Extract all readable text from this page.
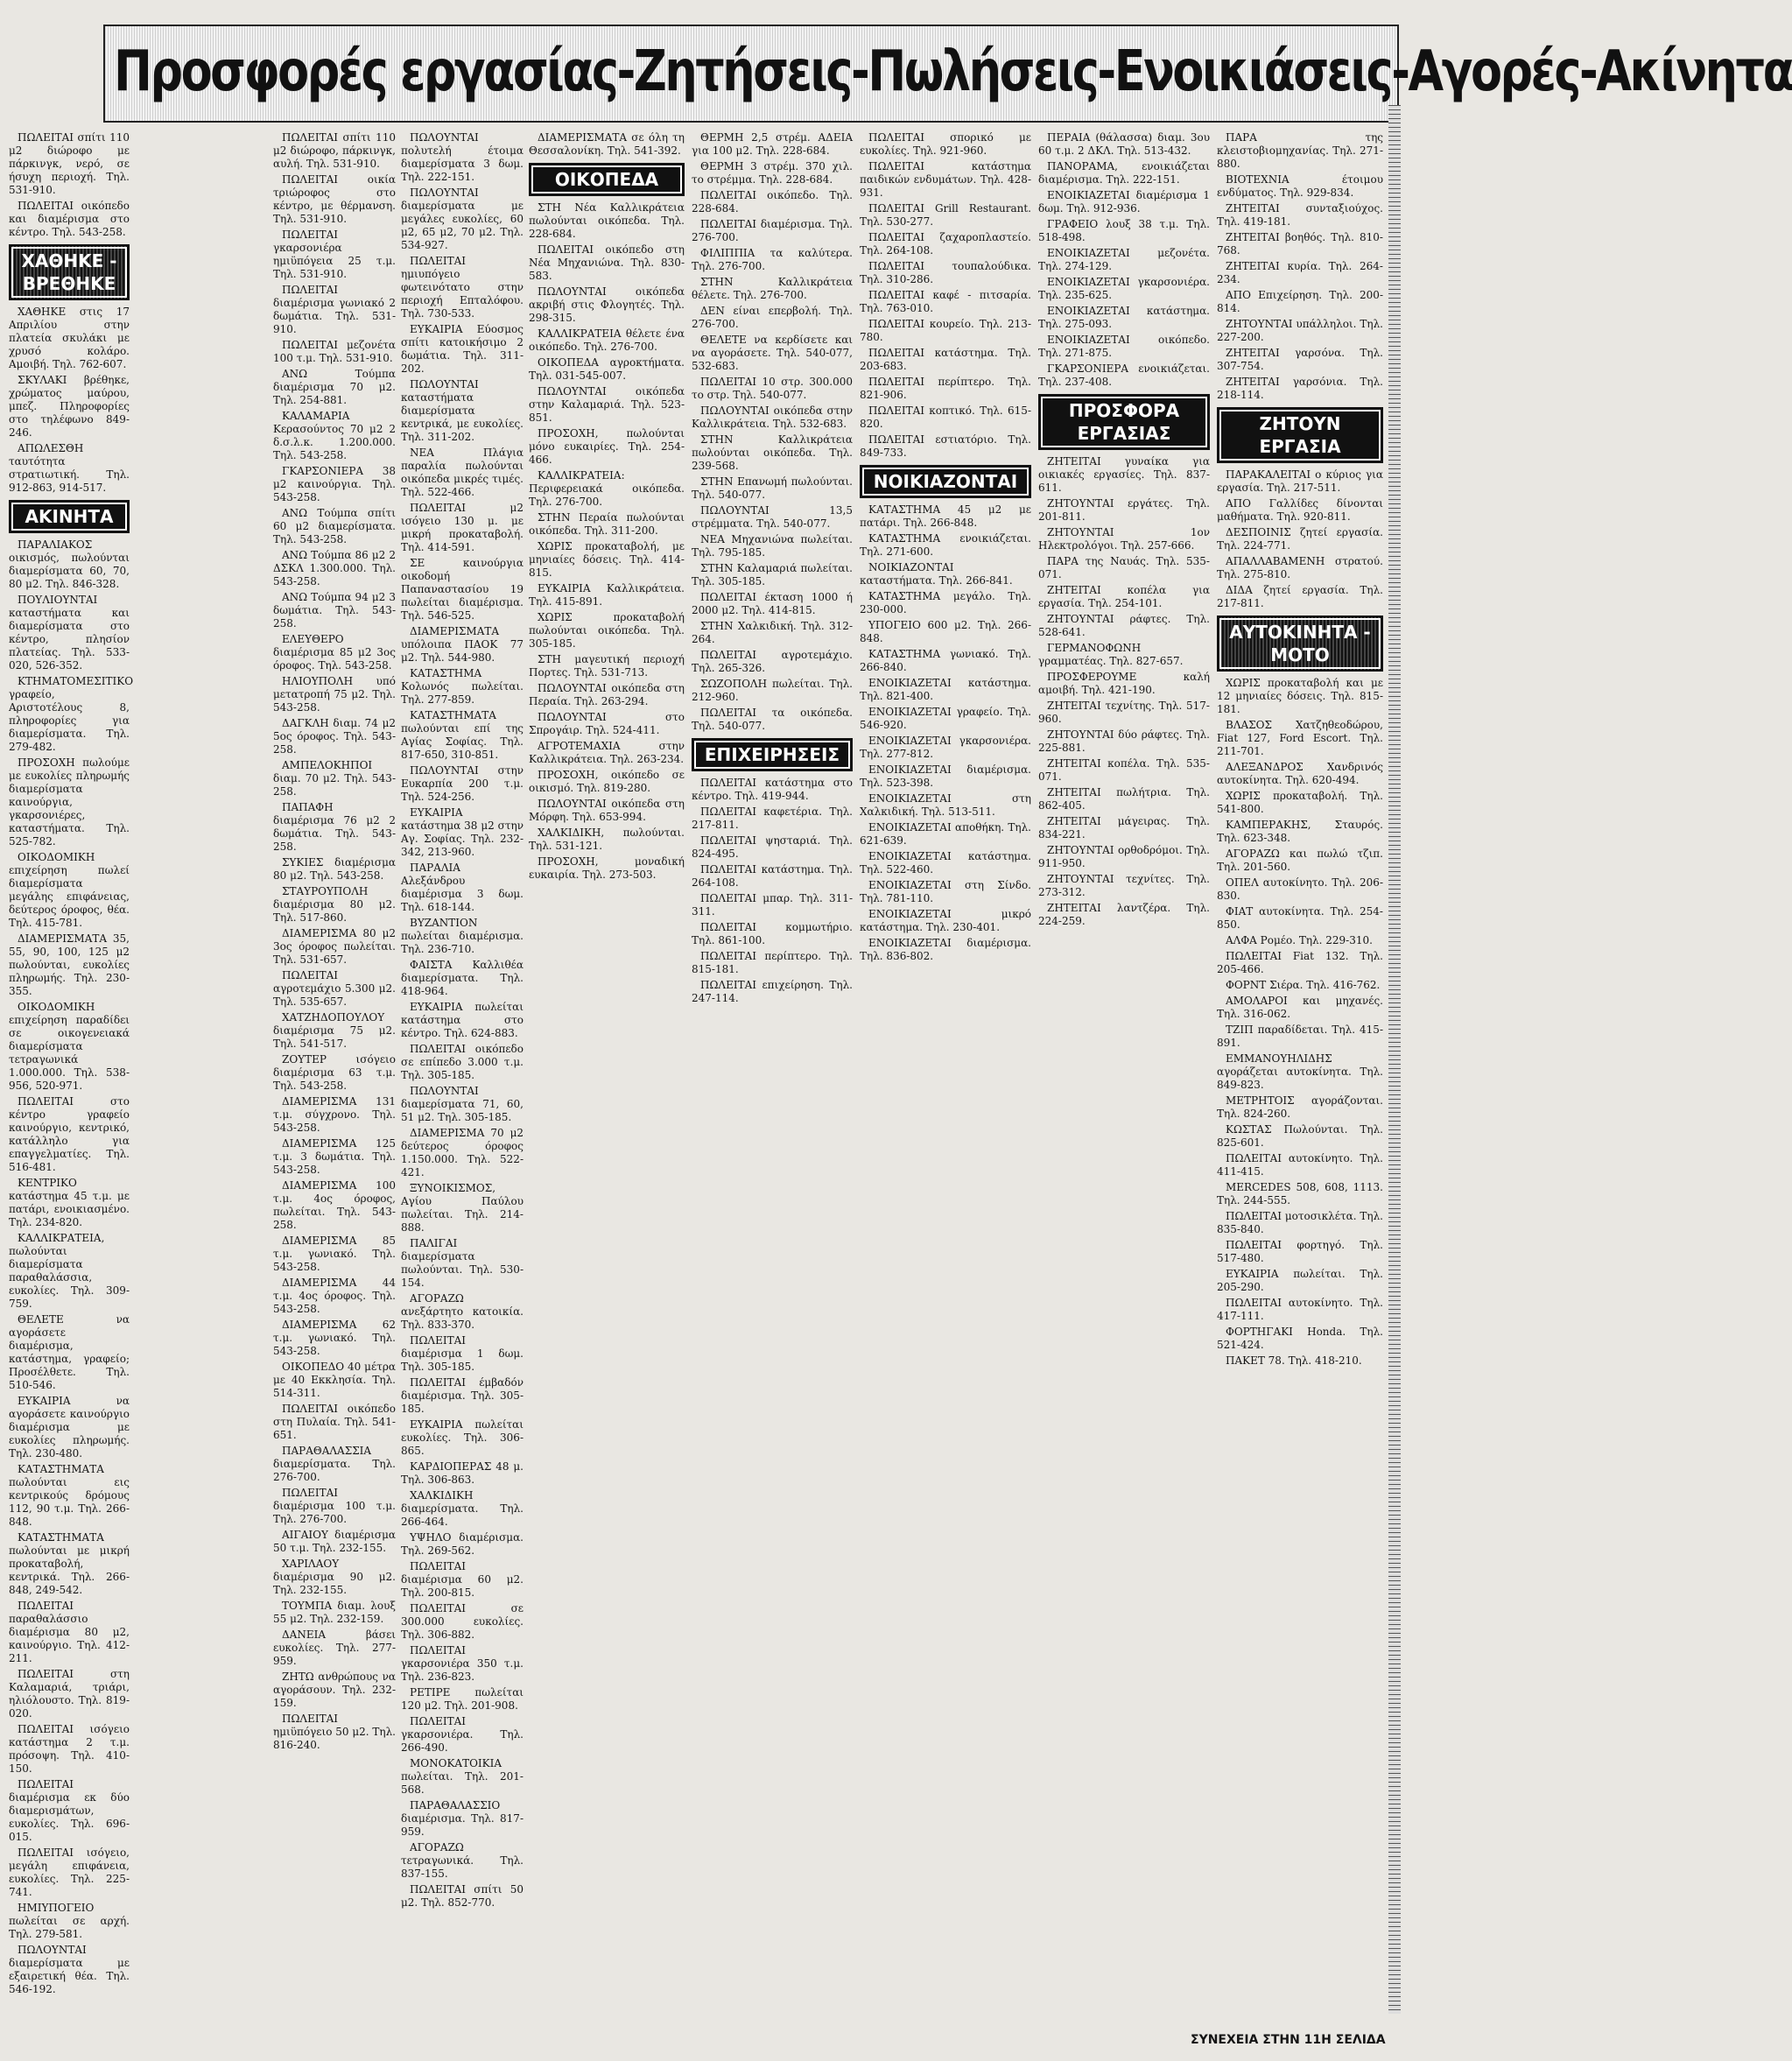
Προσφορές εργασίας-Ζητήσεις-Πωλήσεις-Ενοικιάσεις-Αγορές-Ακίνητα

ΠΩΛΕΙΤΑΙ σπίτι 110 μ2 διώροφο με πάρκινγκ, νερό, σε ήσυχη περιοχή. Τηλ. 531-910.

ΠΩΛΕΙΤΑΙ οικόπεδο και διαμέρισμα στο κέντρο. Τηλ. 543-258.

ΧΑΘΗΚΕ - ΒΡΕΘΗΚΕ

ΧΑΘΗΚΕ στις 17 Απριλίου στην πλατεία σκυλάκι με χρυσό κολάρο. Αμοιβή. Τηλ. 762-607.

ΣΚΥΛΑΚΙ βρέθηκε, χρώματος μαύρου, μπεζ. Πληροφορίες στο τηλέφωνο 849-246.

ΑΠΩΛΕΣΘΗ ταυτότητα στρατιωτική. Τηλ. 912-863, 914-517.

ΑΚΙΝΗΤΑ

ΠΑΡΑΛΙΑΚΟΣ οικισμός, πωλούνται διαμερίσματα 60, 70, 80 μ2. Τηλ. 846-328.

ΠΟΥΛΙΟΥΝΤΑΙ καταστήματα και διαμερίσματα στο κέντρο, πλησίον πλατείας. Τηλ. 533-020, 526-352.

ΚΤΗΜΑΤΟΜΕΣΙΤΙΚΟ γραφείο, Αριστοτέλους 8, πληροφορίες για διαμερίσματα. Τηλ. 279-482.

ΠΡΟΣΟΧΗ πωλούμε με ευκολίες πληρωμής διαμερίσματα καινούργια, γκαρσονιέρες, καταστήματα. Τηλ. 525-782.

ΟΙΚΟΔΟΜΙΚΗ επιχείρηση πωλεί διαμερίσματα μεγάλης επιφάνειας, δεύτερος όροφος, θέα. Τηλ. 415-781.

ΔΙΑΜΕΡΙΣΜΑΤΑ 35, 55, 90, 100, 125 μ2 πωλούνται, ευκολίες πληρωμής. Τηλ. 230-355.

ΟΙΚΟΔΟΜΙΚΗ επιχείρηση παραδίδει σε οικογενειακά διαμερίσματα τετραγωνικά 1.000.000. Τηλ. 538-956, 520-971.

ΠΩΛΕΙΤΑΙ στο κέντρο γραφείο καινούργιο, κεντρικό, κατάλληλο για επαγγελματίες. Τηλ. 516-481.

ΚΕΝΤΡΙΚΟ κατάστημα 45 τ.μ. με πατάρι, ενοικιασμένο. Τηλ. 234-820.

ΚΑΛΛΙΚΡΑΤΕΙΑ, πωλούνται διαμερίσματα παραθαλάσσια, ευκολίες. Τηλ. 309-759.

ΘΕΛΕΤΕ να αγοράσετε διαμέρισμα, κατάστημα, γραφείο; Προσέλθετε. Τηλ. 510-546.

ΕΥΚΑΙΡΙΑ να αγοράσετε καινούργιο διαμέρισμα με ευκολίες πληρωμής. Τηλ. 230-480.

ΚΑΤΑΣΤΗΜΑΤΑ πωλούνται εις κεντρικούς δρόμους 112, 90 τ.μ. Τηλ. 266-848.

ΚΑΤΑΣΤΗΜΑΤΑ πωλούνται με μικρή προκαταβολή, κεντρικά. Τηλ. 266-848, 249-542.

ΠΩΛΕΙΤΑΙ παραθαλάσσιο διαμέρισμα 80 μ2, καινούργιο. Τηλ. 412-211.

ΠΩΛΕΙΤΑΙ στη Καλαμαριά, τριάρι, ηλιόλουστο. Τηλ. 819-020.

ΠΩΛΕΙΤΑΙ ισόγειο κατάστημα 2 τ.μ. πρόσοψη. Τηλ. 410-150.

ΠΩΛΕΙΤΑΙ διαμέρισμα εκ δύο διαμερισμάτων, ευκολίες. Τηλ. 696-015.

ΠΩΛΕΙΤΑΙ ισόγειο, μεγάλη επιφάνεια, ευκολίες. Τηλ. 225-741.

ΗΜΙΥΠΟΓΕΙΟ πωλείται σε αρχή. Τηλ. 279-581.

ΠΩΛΟΥΝΤΑΙ διαμερίσματα με εξαιρετική θέα. Τηλ. 546-192.

ΠΩΛΕΙΤΑΙ σπίτι 110 μ2 διώροφο, πάρκινγκ, αυλή. Τηλ. 531-910.

ΠΩΛΕΙΤΑΙ οικία τριώροφος στο κέντρο, με θέρμανση. Τηλ. 531-910.

ΠΩΛΕΙΤΑΙ γκαρσονιέρα ημιϋπόγεια 25 τ.μ. Τηλ. 531-910.

ΠΩΛΕΙΤΑΙ διαμέρισμα γωνιακό 2 δωμάτια. Τηλ. 531-910.

ΠΩΛΕΙΤΑΙ μεζονέτα 100 τ.μ. Τηλ. 531-910.

ΑΝΩ Τούμπα διαμέρισμα 70 μ2. Τηλ. 254-881.

ΚΑΛΑΜΑΡΙΑ Κερασούντος 70 μ2 2 δ.σ.λ.κ. 1.200.000. Τηλ. 543-258.

ΓΚΑΡΣΟΝΙΕΡΑ 38 μ2 καινούργια. Τηλ. 543-258.

ΑΝΩ Τούμπα σπίτι 60 μ2 διαμερίσματα. Τηλ. 543-258.

ΑΝΩ Τούμπα 86 μ2 2 ΔΣΚΛ 1.300.000. Τηλ. 543-258.

ΑΝΩ Τούμπα 94 μ2 3 δωμάτια. Τηλ. 543-258.

ΕΛΕΥΘΕΡΟ διαμέρισμα 85 μ2 3ος όροφος. Τηλ. 543-258.

ΗΛΙΟΥΠΟΛΗ υπό μετατροπή 75 μ2. Τηλ. 543-258.

ΔΑΓΚΛΗ διαμ. 74 μ2 5ος όροφος. Τηλ. 543-258.

ΑΜΠΕΛΟΚΗΠΟΙ διαμ. 70 μ2. Τηλ. 543-258.

ΠΑΠΑΦΗ διαμέρισμα 76 μ2 2 δωμάτια. Τηλ. 543-258.

ΣΥΚΙΕΣ διαμέρισμα 80 μ2. Τηλ. 543-258.

ΣΤΑΥΡΟΥΠΟΛΗ διαμέρισμα 80 μ2. Τηλ. 517-860.

ΔΙΑΜΕΡΙΣΜΑ 80 μ2 3ος όροφος πωλείται. Τηλ. 531-657.

ΠΩΛΕΙΤΑΙ αγροτεμάχιο 5.300 μ2. Τηλ. 535-657.

ΧΑΤΖΗΔΟΠΟΥΛΟΥ διαμέρισμα 75 μ2. Τηλ. 541-517.

ΖΟΥΤΕΡ ισόγειο διαμέρισμα 63 τ.μ. Τηλ. 543-258.

ΔΙΑΜΕΡΙΣΜΑ 131 τ.μ. σύγχρονο. Τηλ. 543-258.

ΔΙΑΜΕΡΙΣΜΑ 125 τ.μ. 3 δωμάτια. Τηλ. 543-258.

ΔΙΑΜΕΡΙΣΜΑ 100 τ.μ. 4ος όροφος, πωλείται. Τηλ. 543-258.

ΔΙΑΜΕΡΙΣΜΑ 85 τ.μ. γωνιακό. Τηλ. 543-258.

ΔΙΑΜΕΡΙΣΜΑ 44 τ.μ. 4ος όροφος. Τηλ. 543-258.

ΔΙΑΜΕΡΙΣΜΑ 62 τ.μ. γωνιακό. Τηλ. 543-258.

ΟΙΚΟΠΕΔΟ 40 μέτρα με 40 Εκκλησία. Τηλ. 514-311.

ΠΩΛΕΙΤΑΙ οικόπεδο στη Πυλαία. Τηλ. 541-651.

ΠΑΡΑΘΑΛΑΣΣΙΑ διαμερίσματα. Τηλ. 276-700.

ΠΩΛΕΙΤΑΙ διαμέρισμα 100 τ.μ. Τηλ. 276-700.

ΑΙΓΑΙΟΥ διαμέρισμα 50 τ.μ. Τηλ. 232-155.

ΧΑΡΙΛΑΟΥ διαμέρισμα 90 μ2. Τηλ. 232-155.

ΤΟΥΜΠΑ διαμ. λουξ 55 μ2. Τηλ. 232-159.

ΔΑΝΕΙΑ βάσει ευκολίες. Τηλ. 277-959.

ΖΗΤΩ ανθρώπους να αγοράσουν. Τηλ. 232-159.

ΠΩΛΕΙΤΑΙ ημιϋπόγειο 50 μ2. Τηλ. 816-240.

ΠΩΛΟΥΝΤΑΙ πολυτελή έτοιμα διαμερίσματα 3 δωμ. Τηλ. 222-151.

ΠΩΛΟΥΝΤΑΙ διαμερίσματα με μεγάλες ευκολίες, 60 μ2, 65 μ2, 70 μ2. Τηλ. 534-927.

ΠΩΛΕΙΤΑΙ ημιυπόγειο φωτεινότατο στην περιοχή Επταλόφου. Τηλ. 730-533.

ΕΥΚΑΙΡΙΑ Εύοσμος σπίτι κατοικήσιμο 2 δωμάτια. Τηλ. 311-202.

ΠΩΛΟΥΝΤΑΙ καταστήματα διαμερίσματα κεντρικά, με ευκολίες. Τηλ. 311-202.

ΝΕΑ Πλάγια παραλία πωλούνται οικόπεδα μικρές τιμές. Τηλ. 522-466.

ΠΩΛΕΙΤΑΙ μ2 ισόγειο 130 μ. με μικρή προκαταβολή. Τηλ. 414-591.

ΣΕ καινούργια οικοδομή Παπαναστασίου 19 πωλείται διαμέρισμα. Τηλ. 546-525.

ΔΙΑΜΕΡΙΣΜΑΤΑ υπόλοιπα ΠΑΟΚ 77 μ2. Τηλ. 544-980.

ΚΑΤΑΣΤΗΜΑ Κολωνός πωλείται. Τηλ. 277-859.

ΚΑΤΑΣΤΗΜΑΤΑ πωλούνται επί της Αγίας Σοφίας. Τηλ. 817-650, 310-851.

ΠΩΛΟΥΝΤΑΙ στην Ευκαρπία 200 τ.μ. Τηλ. 524-256.

ΕΥΚΑΙΡΙΑ κατάστημα 38 μ2 στην Αγ. Σοφίας. Τηλ. 232-342, 213-960.

ΠΑΡΑΛΙΑ Αλεξάνδρου διαμέρισμα 3 δωμ. Τηλ. 618-144.

ΒΥΖΑΝΤΙΟΝ πωλείται διαμέρισμα. Τηλ. 236-710.

ΦΑΙΣΤΑ Καλλιθέα διαμερίσματα. Τηλ. 418-964.

ΕΥΚΑΙΡΙΑ πωλείται κατάστημα στο κέντρο. Τηλ. 624-883.

ΠΩΛΕΙΤΑΙ οικόπεδο σε επίπεδο 3.000 τ.μ. Τηλ. 305-185.

ΠΩΛΟΥΝΤΑΙ διαμερίσματα 71, 60, 51 μ2. Τηλ. 305-185.

ΔΙΑΜΕΡΙΣΜΑ 70 μ2 δεύτερος όροφος 1.150.000. Τηλ. 522-421.

ΞΥΝΟΙΚΙΣΜΟΣ, Αγίου Παύλου πωλείται. Τηλ. 214-888.

ΠΑΛΙΓΑΙ διαμερίσματα πωλούνται. Τηλ. 530-154.

ΑΓΟΡΑΖΩ ανεξάρτητο κατοικία. Τηλ. 833-370.

ΠΩΛΕΙΤΑΙ διαμέρισμα 1 δωμ. Τηλ. 305-185.

ΠΩΛΕΙΤΑΙ έμβαδόν διαμέρισμα. Τηλ. 305-185.

ΕΥΚΑΙΡΙΑ πωλείται ευκολίες. Τηλ. 306-865.

ΚΑΡΔΙΟΠΕΡΑΣ 48 μ. Τηλ. 306-863.

ΧΑΛΚΙΔΙΚΗ διαμερίσματα. Τηλ. 266-464.

ΥΨΗΛΟ διαμέρισμα. Τηλ. 269-562.

ΠΩΛΕΙΤΑΙ διαμέρισμα 60 μ2. Τηλ. 200-815.

ΠΩΛΕΙΤΑΙ σε 300.000 ευκολίες. Τηλ. 306-882.

ΠΩΛΕΙΤΑΙ γκαρσονιέρα 350 τ.μ. Τηλ. 236-823.

ΡΕΤΙΡΕ πωλείται 120 μ2. Τηλ. 201-908.

ΠΩΛΕΙΤΑΙ γκαρσονιέρα. Τηλ. 266-490.

ΜΟΝΟΚΑΤΟΙΚΙΑ πωλείται. Τηλ. 201-568.

ΠΑΡΑΘΑΛΑΣΣΙΟ διαμέρισμα. Τηλ. 817-959.

ΑΓΟΡΑΖΩ τετραγωνικά. Τηλ. 837-155.

ΠΩΛΕΙΤΑΙ σπίτι 50 μ2. Τηλ. 852-770.

ΔΙΑΜΕΡΙΣΜΑΤΑ σε όλη τη Θεσσαλονίκη. Τηλ. 541-392.

ΟΙΚΟΠΕΔΑ

ΣΤΗ Νέα Καλλικράτεια πωλούνται οικόπεδα. Τηλ. 228-684.

ΠΩΛΕΙΤΑΙ οικόπεδο στη Νέα Μηχανιώνα. Τηλ. 830-583.

ΠΩΛΟΥΝΤΑΙ οικόπεδα ακριβή στις Φλογητές. Τηλ. 298-315.

ΚΑΛΛΙΚΡΑΤΕΙΑ θέλετε ένα οικόπεδο. Τηλ. 276-700.

ΟΙΚΟΠΕΔΑ αγροκτήματα. Τηλ. 031-545-007.

ΠΩΛΟΥΝΤΑΙ οικόπεδα στην Καλαμαριά. Τηλ. 523-851.

ΠΡΟΣΟΧΗ, πωλούνται μόνο ευκαιρίες. Τηλ. 254-466.

ΚΑΛΛΙΚΡΑΤΕΙΑ: Περιφερειακά οικόπεδα. Τηλ. 276-700.

ΣΤΗΝ Περαία πωλούνται οικόπεδα. Τηλ. 311-200.

ΧΩΡΙΣ προκαταβολή, με μηνιαίες δόσεις. Τηλ. 414-815.

ΕΥΚΑΙΡΙΑ Καλλικράτεια. Τηλ. 415-891.

ΧΩΡΙΣ προκαταβολή πωλούνται οικόπεδα. Τηλ. 305-185.

ΣΤΗ μαγευτική περιοχή Πορτες. Τηλ. 531-713.

ΠΩΛΟΥΝΤΑΙ οικόπεδα στη Περαία. Τηλ. 263-294.

ΠΩΛΟΥΝΤΑΙ στο Σπρογάιρ. Τηλ. 524-411.

ΑΓΡΟΤΕΜΑΧΙΑ στην Καλλικράτεια. Τηλ. 263-234.

ΠΡΟΣΟΧΗ, οικόπεδο σε οικισμό. Τηλ. 819-280.

ΠΩΛΟΥΝΤΑΙ οικόπεδα στη Μόρφη. Τηλ. 653-994.

ΧΑΛΚΙΔΙΚΗ, πωλούνται. Τηλ. 531-121.

ΠΡΟΣΟΧΗ, μοναδική ευκαιρία. Τηλ. 273-503.

ΘΕΡΜΗ 2,5 στρέμ. ΑΔΕΙΑ για 100 μ2. Τηλ. 228-684.

ΘΕΡΜΗ 3 στρέμ. 370 χιλ. το στρέμμα. Τηλ. 228-684.

ΠΩΛΕΙΤΑΙ οικόπεδο. Τηλ. 228-684.

ΠΩΛΕΙΤΑΙ διαμέρισμα. Τηλ. 276-700.

ΦΙΛΙΠΠΙΑ τα καλύτερα. Τηλ. 276-700.

ΣΤΗΝ Καλλικράτεια θέλετε. Τηλ. 276-700.

ΔΕΝ είναι επερβολή. Τηλ. 276-700.

ΘΕΛΕΤΕ να κερδίσετε και να αγοράσετε. Τηλ. 540-077, 532-683.

ΠΩΛΕΙΤΑΙ 10 στρ. 300.000 το στρ. Τηλ. 540-077.

ΠΩΛΟΥΝΤΑΙ οικόπεδα στην Καλλικράτεια. Τηλ. 532-683.

ΣΤΗΝ Καλλικράτεια πωλούνται οικόπεδα. Τηλ. 239-568.

ΣΤΗΝ Επανωμή πωλούνται. Τηλ. 540-077.

ΠΩΛΟΥΝΤΑΙ 13,5 στρέμματα. Τηλ. 540-077.

ΝΕΑ Μηχανιώνα πωλείται. Τηλ. 795-185.

ΣΤΗΝ Καλαμαριά πωλείται. Τηλ. 305-185.

ΠΩΛΕΙΤΑΙ έκταση 1000 ή 2000 μ2. Τηλ. 414-815.

ΣΤΗΝ Χαλκιδική. Τηλ. 312-264.

ΠΩΛΕΙΤΑΙ αγροτεμάχιο. Τηλ. 265-326.

ΣΩΖΟΠΟΛΗ πωλείται. Τηλ. 212-960.

ΠΩΛΕΙΤΑΙ τα οικόπεδα. Τηλ. 540-077.

ΕΠΙΧΕΙΡΗΣΕΙΣ

ΠΩΛΕΙΤΑΙ κατάστημα στο κέντρο. Τηλ. 419-944.

ΠΩΛΕΙΤΑΙ καφετέρια. Τηλ. 217-811.

ΠΩΛΕΙΤΑΙ ψησταριά. Τηλ. 824-495.

ΠΩΛΕΙΤΑΙ κατάστημα. Τηλ. 264-108.

ΠΩΛΕΙΤΑΙ μπαρ. Τηλ. 311-311.

ΠΩΛΕΙΤΑΙ κομμωτήριο. Τηλ. 861-100.

ΠΩΛΕΙΤΑΙ περίπτερο. Τηλ. 815-181.

ΠΩΛΕΙΤΑΙ επιχείρηση. Τηλ. 247-114.

ΠΩΛΕΙΤΑΙ σπορικό με ευκολίες. Τηλ. 921-960.

ΠΩΛΕΙΤΑΙ κατάστημα παιδικών ενδυμάτων. Τηλ. 428-931.

ΠΩΛΕΙΤΑΙ Grill Restaurant. Τηλ. 530-277.

ΠΩΛΕΙΤΑΙ ζαχαροπλαστείο. Τηλ. 264-108.

ΠΩΛΕΙΤΑΙ τουπαλούδικα. Τηλ. 310-286.

ΠΩΛΕΙΤΑΙ καφέ - πιτσαρία. Τηλ. 763-010.

ΠΩΛΕΙΤΑΙ κουρείο. Τηλ. 213-780.

ΠΩΛΕΙΤΑΙ κατάστημα. Τηλ. 203-683.

ΠΩΛΕΙΤΑΙ περίπτερο. Τηλ. 821-906.

ΠΩΛΕΙΤΑΙ κοπτικό. Τηλ. 615-820.

ΠΩΛΕΙΤΑΙ εστιατόριο. Τηλ. 849-733.

ΝΟΙΚΙΑΖΟΝΤΑΙ

ΚΑΤΑΣΤΗΜΑ 45 μ2 με πατάρι. Τηλ. 266-848.

ΚΑΤΑΣΤΗΜΑ ενοικιάζεται. Τηλ. 271-600.

ΝΟΙΚΙΑΖΟΝΤΑΙ καταστήματα. Τηλ. 266-841.

ΚΑΤΑΣΤΗΜΑ μεγάλο. Τηλ. 230-000.

ΥΠΟΓΕΙΟ 600 μ2. Τηλ. 266-848.

ΚΑΤΑΣΤΗΜΑ γωνιακό. Τηλ. 266-840.

ΕΝΟΙΚΙΑΖΕΤΑΙ κατάστημα. Τηλ. 821-400.

ΕΝΟΙΚΙΑΖΕΤΑΙ γραφείο. Τηλ. 546-920.

ΕΝΟΙΚΙΑΖΕΤΑΙ γκαρσονιέρα. Τηλ. 277-812.

ΕΝΟΙΚΙΑΖΕΤΑΙ διαμέρισμα. Τηλ. 523-398.

ΕΝΟΙΚΙΑΖΕΤΑΙ στη Χαλκιδική. Τηλ. 513-511.

ΕΝΟΙΚΙΑΖΕΤΑΙ αποθήκη. Τηλ. 621-639.

ΕΝΟΙΚΙΑΖΕΤΑΙ κατάστημα. Τηλ. 522-460.

ΕΝΟΙΚΙΑΖΕΤΑΙ στη Σίνδο. Τηλ. 781-110.

ΕΝΟΙΚΙΑΖΕΤΑΙ μικρό κατάστημα. Τηλ. 230-401.

ΕΝΟΙΚΙΑΖΕΤΑΙ διαμέρισμα. Τηλ. 836-802.

ΠΕΡΑΙΑ (θάλασσα) διαμ. 3ου 60 τ.μ. 2 ΔΚΛ. Τηλ. 513-432.

ΠΑΝΟΡΑΜΑ, ενοικιάζεται διαμέρισμα. Τηλ. 222-151.

ΕΝΟΙΚΙΑΖΕΤΑΙ διαμέρισμα 1 δωμ. Τηλ. 912-936.

ΓΡΑΦΕΙΟ λουξ 38 τ.μ. Τηλ. 518-498.

ΕΝΟΙΚΙΑΖΕΤΑΙ μεζονέτα. Τηλ. 274-129.

ΕΝΟΙΚΙΑΖΕΤΑΙ γκαρσονιέρα. Τηλ. 235-625.

ΕΝΟΙΚΙΑΖΕΤΑΙ κατάστημα. Τηλ. 275-093.

ΕΝΟΙΚΙΑΖΕΤΑΙ οικόπεδο. Τηλ. 271-875.

ΓΚΑΡΣΟΝΙΕΡΑ ενοικιάζεται. Τηλ. 237-408.

ΠΡΟΣΦΟΡΑ ΕΡΓΑΣΙΑΣ

ΖΗΤΕΙΤΑΙ γυναίκα για οικιακές εργασίες. Τηλ. 837-611.

ΖΗΤΟΥΝΤΑΙ εργάτες. Τηλ. 201-811.

ΖΗΤΟΥΝΤΑΙ 1ον Ηλεκτρολόγοι. Τηλ. 257-666.

ΠΑΡΑ της Ναυάς. Τηλ. 535-071.

ΖΗΤΕΙΤΑΙ κοπέλα για εργασία. Τηλ. 254-101.

ΖΗΤΟΥΝΤΑΙ ράφτες. Τηλ. 528-641.

ΓΕΡΜΑΝΟΦΩΝΗ γραμματέας. Τηλ. 827-657.

ΠΡΟΣΦΕΡΟΥΜΕ καλή αμοιβή. Τηλ. 421-190.

ΖΗΤΕΙΤΑΙ τεχνίτης. Τηλ. 517-960.

ΖΗΤΟΥΝΤΑΙ δύο ράφτες. Τηλ. 225-881.

ΖΗΤΕΙΤΑΙ κοπέλα. Τηλ. 535-071.

ΖΗΤΕΙΤΑΙ πωλήτρια. Τηλ. 862-405.

ΖΗΤΕΙΤΑΙ μάγειρας. Τηλ. 834-221.

ΖΗΤΟΥΝΤΑΙ ορθοδρόμοι. Τηλ. 911-950.

ΖΗΤΟΥΝΤΑΙ τεχνίτες. Τηλ. 273-312.

ΖΗΤΕΙΤΑΙ λαντζέρα. Τηλ. 224-259.

ΠΑΡΑ της κλειστοβιομηχανίας. Τηλ. 271-880.

ΒΙΟΤΕΧΝΙΑ έτοιμου ενδύματος. Τηλ. 929-834.

ΖΗΤΕΙΤΑΙ συνταξιούχος. Τηλ. 419-181.

ΖΗΤΕΙΤΑΙ βοηθός. Τηλ. 810-768.

ΖΗΤΕΙΤΑΙ κυρία. Τηλ. 264-234.

ΑΠΟ Επιχείρηση. Τηλ. 200-814.

ΖΗΤΟΥΝΤΑΙ υπάλληλοι. Τηλ. 227-200.

ΖΗΤΕΙΤΑΙ γαρσόνα. Τηλ. 307-754.

ΖΗΤΕΙΤΑΙ γαρσόνια. Τηλ. 218-114.

ΖΗΤΟΥΝ ΕΡΓΑΣΙΑ

ΠΑΡΑΚΑΛΕΙΤΑΙ ο κύριος για εργασία. Τηλ. 217-511.

ΑΠΟ Γαλλίδες δίνονται μαθήματα. Τηλ. 920-811.

ΔΕΣΠΟΙΝΙΣ ζητεί εργασία. Τηλ. 224-771.

ΑΠΑΛΛΑΒΑΜΕΝΗ στρατού. Τηλ. 275-810.

ΔΙΔΑ ζητεί εργασία. Τηλ. 217-811.

ΑΥΤΟΚΙΝΗΤΑ - ΜΟΤΟ

ΧΩΡΙΣ προκαταβολή και με 12 μηνιαίες δόσεις. Τηλ. 815-181.

ΒΛΑΣΟΣ Χατζηθεοδώρου, Fiat 127, Ford Escort. Τηλ. 211-701.

ΑΛΕΞΑΝΔΡΟΣ Χανδρινός αυτοκίνητα. Τηλ. 620-494.

ΧΩΡΙΣ προκαταβολή. Τηλ. 541-800.

ΚΑΜΠΕΡΑΚΗΣ, Σταυρός. Τηλ. 623-348.

ΑΓΟΡΑΖΩ και πωλώ τζιπ. Τηλ. 201-560.

ΟΠΕΛ αυτοκίνητο. Τηλ. 206-830.

ΦΙΑΤ αυτοκίνητα. Τηλ. 254-850.

ΑΛΦΑ Ρομέο. Τηλ. 229-310.

ΠΩΛΕΙΤΑΙ Fiat 132. Τηλ. 205-466.

ΦΟΡΝΤ Σιέρα. Τηλ. 416-762.

ΑΜΟΛΑΡΟΙ και μηχανές. Τηλ. 316-062.

ΤΖΙΠ παραδίδεται. Τηλ. 415-891.

ΕΜΜΑΝΟΥΗΛΙΔΗΣ αγοράζεται αυτοκίνητα. Τηλ. 849-823.

ΜΕΤΡΗΤΟΙΣ αγοράζονται. Τηλ. 824-260.

ΚΩΣΤΑΣ Πωλούνται. Τηλ. 825-601.

ΠΩΛΕΙΤΑΙ αυτοκίνητο. Τηλ. 411-415.

MERCEDES 508, 608, 1113. Τηλ. 244-555.

ΠΩΛΕΙΤΑΙ μοτοσικλέτα. Τηλ. 835-840.

ΠΩΛΕΙΤΑΙ φορτηγό. Τηλ. 517-480.

ΕΥΚΑΙΡΙΑ πωλείται. Τηλ. 205-290.

ΠΩΛΕΙΤΑΙ αυτοκίνητο. Τηλ. 417-111.

ΦΟΡΤΗΓΑΚΙ Honda. Τηλ. 521-424.

ΠΑΚΕΤ 78. Τηλ. 418-210.

ΣΥΝΕΧΕΙΑ ΣΤΗΝ 11Η ΣΕΛΙΔΑ
